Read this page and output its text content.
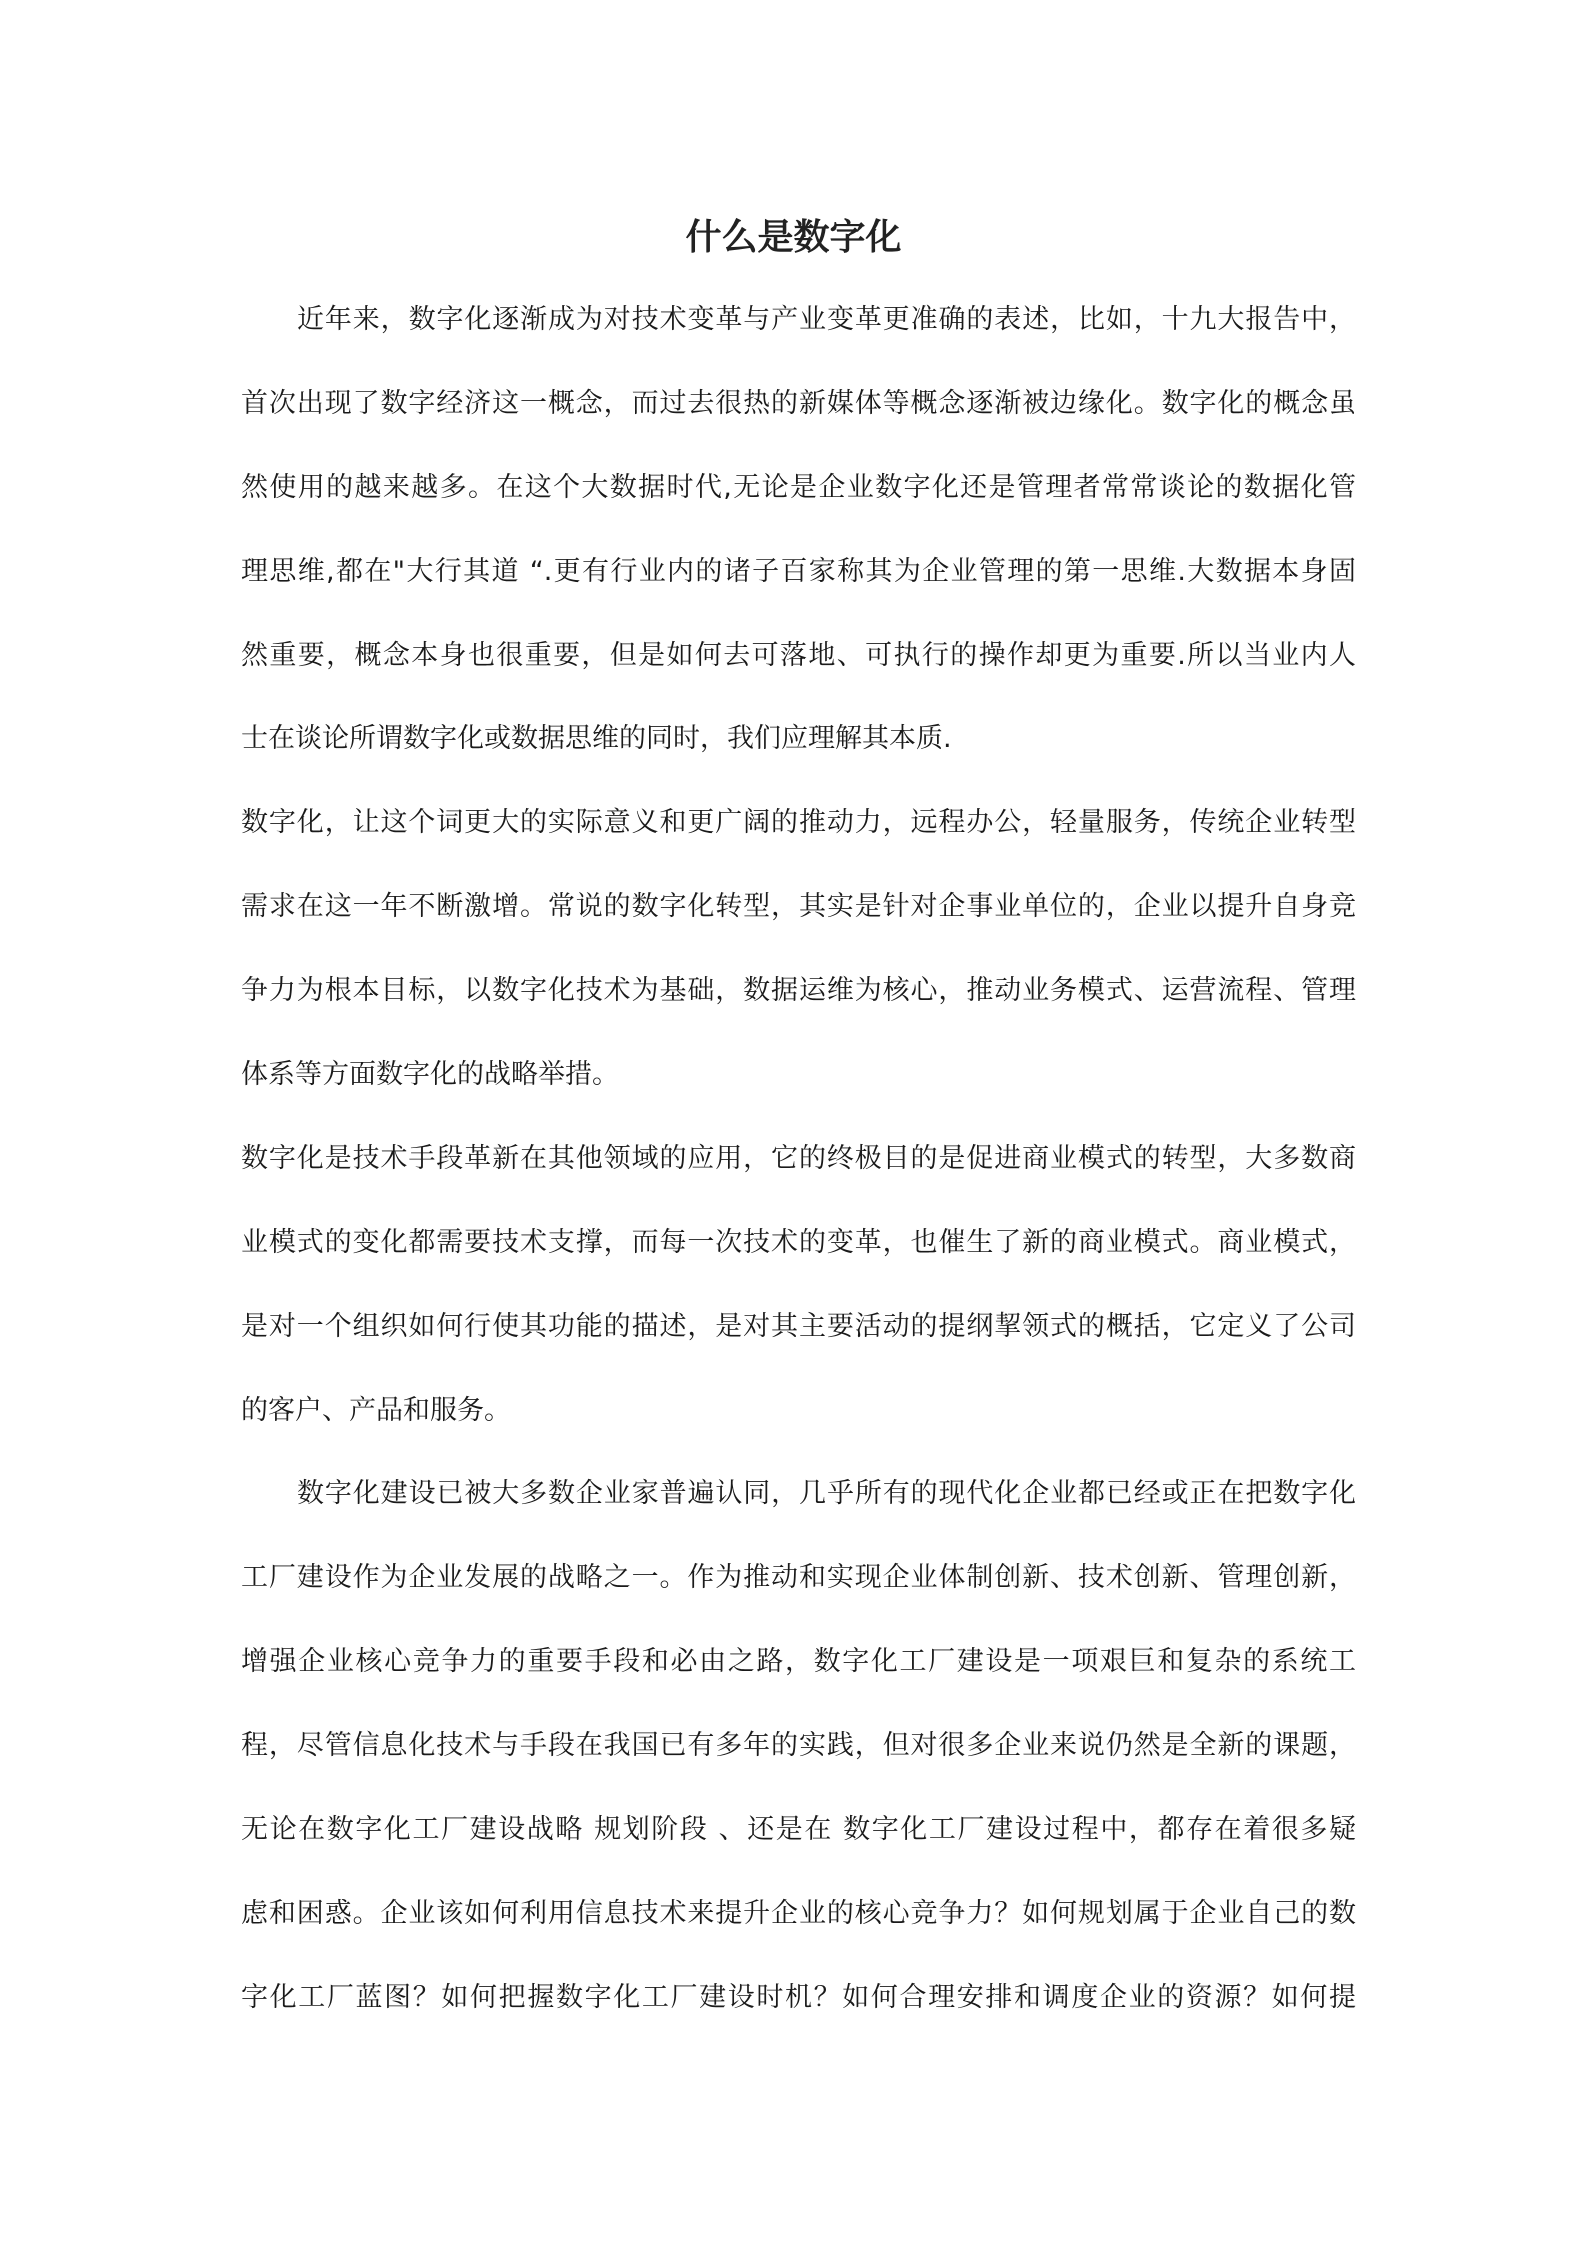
什么是数字化
近年来，数字化逐渐成为对技术变革与产业变革更准确的表述，比如，十九大报告中，
首次出现了数字经济这一概念，而过去很热的新媒体等概念逐渐被边缘化。数字化的概念虽
然使用的越来越多。在这个大数据时代,无论是企业数字化还是管理者常常谈论的数据化管
理思维,都在"大行其道 “.更有行业内的诸子百家称其为企业管理的第一思维.大数据本身固
然重要，概念本身也很重要，但是如何去可落地、可执行的操作却更为重要.所以当业内人
士在谈论所谓数字化或数据思维的同时，我们应理解其本质.
数字化，让这个词更大的实际意义和更广阔的推动力，远程办公，轻量服务，传统企业转型
需求在这一年不断激增。常说的数字化转型，其实是针对企事业单位的，企业以提升自身竞
争力为根本目标，以数字化技术为基础，数据运维为核心，推动业务模式、运营流程、管理
体系等方面数字化的战略举措。
数字化是技术手段革新在其他领域的应用，它的终极目的是促进商业模式的转型，大多数商
业模式的变化都需要技术支撑，而每一次技术的变革，也催生了新的商业模式。商业模式，
是对一个组织如何行使其功能的描述，是对其主要活动的提纲挈领式的概括，它定义了公司
的客户、产品和服务。
数字化建设已被大多数企业家普遍认同，几乎所有的现代化企业都已经或正在把数字化
工厂建设作为企业发展的战略之一。作为推动和实现企业体制创新、技术创新、管理创新，
增强企业核心竞争力的重要手段和必由之路，数字化工厂建设是一项艰巨和复杂的系统工
程，尽管信息化技术与手段在我国已有多年的实践，但对很多企业来说仍然是全新的课题，
无论在数字化工厂建设战略 规划阶段 、还是在 数字化工厂建设过程中，都存在着很多疑
虑和困惑。企业该如何利用信息技术来提升企业的核心竞争力？如何规划属于企业自己的数
字化工厂蓝图？如何把握数字化工厂建设时机？如何合理安排和调度企业的资源？如何提
